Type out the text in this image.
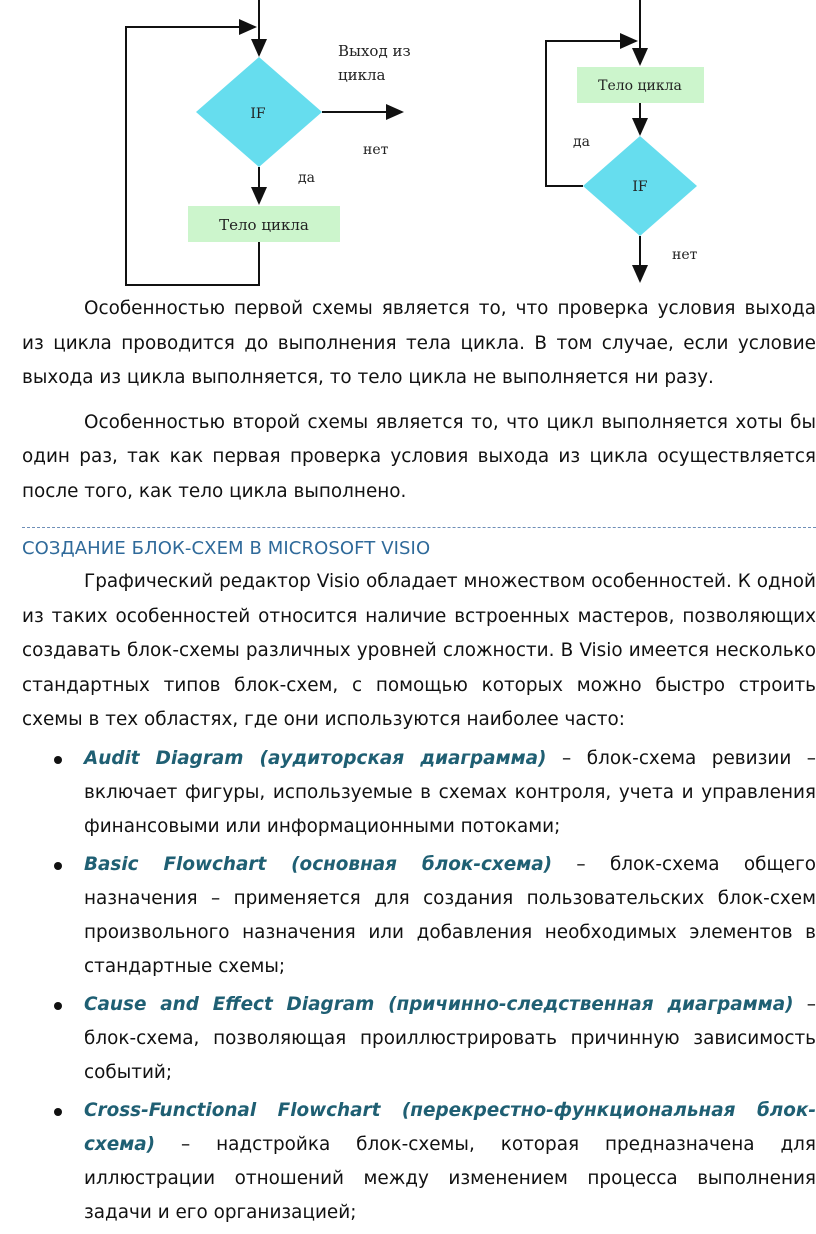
IF
Выход из
цикла
нет
да
Тело цикла
Тело цикла
IF
да
нет

Особенностью первой схемы является то, что проверка условия выхода из цикла проводится до выполнения тела цикла. В том случае, если условие выхода из цикла выполняется, то тело цикла не выполняется ни разу.

Особенностью второй схемы является то, что цикл выполняется хоты бы один раз, так как первая проверка условия выхода из цикла осуществляется после того, как тело цикла выполнено.

СОЗДАНИЕ БЛОК-СХЕМ В MICROSOFT VISIO

Графический редактор Visio обладает множеством особенностей. К одной из таких особенностей относится наличие встроенных мастеров, позволяющих создавать блок-схемы различных уровней сложности. В Visio имеется несколько стандартных типов блок-схем, с помощью которых можно быстро строить схемы в тех областях, где они используются наиболее часто:

Audit Diagram (аудиторская диаграмма) – блок-схема ревизии – включает фигуры, используемые в схемах контроля, учета и управления финансовыми или информационными потоками;
Basic Flowchart (основная блок-схема) – блок-схема общего назначения – применяется для создания пользовательских блок-схем произвольного назначения или добавления необходимых элементов в стандартные схемы;
Cause and Effect Diagram (причинно-следственная диаграмма) – блок-схема, позволяющая проиллюстрировать причинную зависимость событий;
Cross-Functional Flowchart (перекрестно-функциональная блок-схема) – надстройка блок-схемы, которая предназначена для иллюстрации отношений между изменением процесса выполнения задачи и его организацией;
